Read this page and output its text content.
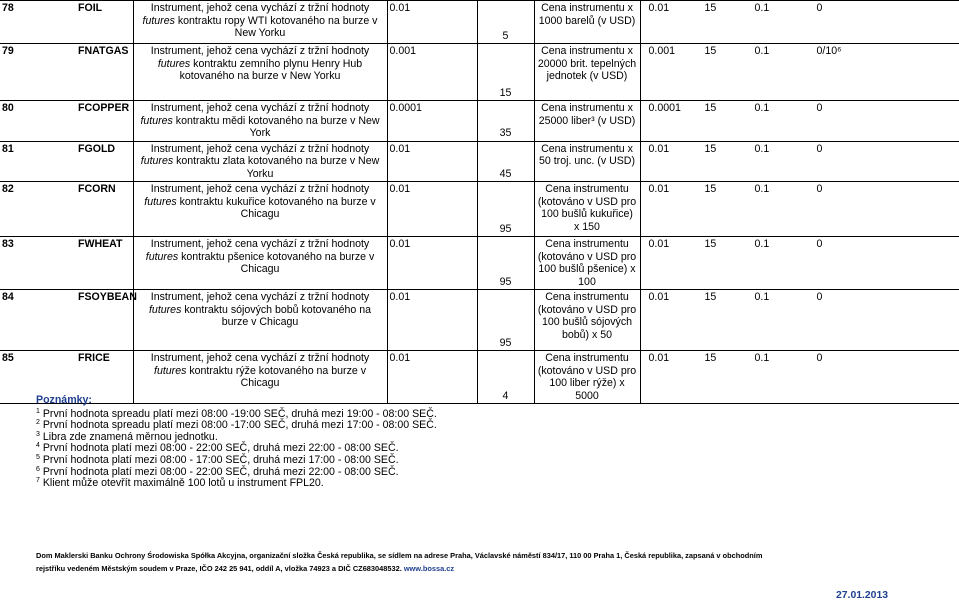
78 FOIL	Instrument, jehož cena vychází z tržní hodnoty futures kontraktu ropy WTI kotovaného na burze v New Yorku	0.01	5	Cena instrumentu x 1000 barelů (v USD)	0.01 15 0.1 0
79 FNATGAS	Instrument, jehož cena vychází z tržní hodnoty futures kontraktu zemního plynu Henry Hub kotovaného na burze v New Yorku	0.001	15	Cena instrumentu x 20000 brit. tepelných jednotek (v USD)	0.001 15 0.1 0/10⁶
80 FCOPPER	Instrument, jehož cena vychází z tržní hodnoty futures kontraktu mědi kotovaného na burze v New York	0.0001	35	Cena instrumentu x 25000 liber³ (v USD)	0.0001 15 0.1 0
81 FGOLD	Instrument, jehož cena vychází z tržní hodnoty futures kontraktu zlata kotovaného na burze v New Yorku	0.01	45	Cena instrumentu x 50 troj. unc. (v USD)	0.01 15 0.1 0
82 FCORN	Instrument, jehož cena vychází z tržní hodnoty futures kontraktu kukuřice kotovaného na burze v Chicagu	0.01	95	Cena instrumentu (kotováno v USD pro 100 bušlů kukuřice) x 150	0.01 15 0.1 0
83 FWHEAT	Instrument, jehož cena vychází z tržní hodnoty futures kontraktu pšenice kotovaného na burze v Chicagu	0.01	95	Cena instrumentu (kotováno v USD pro 100 bušlů pšenice) x 100	0.01 15 0.1 0
84 FSOYBEAN	Instrument, jehož cena vychází z tržní hodnoty futures kontraktu sójových bobů kotovaného na burze v Chicagu	0.01	95	Cena instrumentu (kotováno v USD pro 100 bušlů sójových bobů) x 50	0.01 15 0.1 0
85 FRICE	Instrument, jehož cena vychází z tržní hodnoty futures kontraktu rýže kotovaného na burze v Chicagu	0.01	4	Cena instrumentu (kotováno v USD pro 100 liber rýže) x 5000	0.01 15 0.1 0
Poznámky:
$^1$ První hodnota spreadu platí mezi 08:00 -19:00 SEČ, druhá mezi 19:00 - 08:00 SEČ.
$^2$ První hodnota spreadu platí mezi 08:00 -17:00 SEČ, druhá mezi 17:00 - 08:00 SEČ.
$^3$ Libra zde znamená měrnou jednotku.
$^4$ První hodnota platí mezi 08:00 - 22:00 SEČ, druhá mezi 22:00 - 08:00 SEČ.
$^5$ První hodnota platí mezi 08:00 - 17:00 SEČ, druhá mezi 17:00 - 08:00 SEČ.
$^6$ První hodnota platí mezi 08:00 - 22:00 SEČ, druhá mezi 22:00 - 08:00 SEČ.
$^7$ Klient může otevřít maximálně 100 lotů u instrument FPL20.
Dom Maklerski Banku Ochrony Środowiska Spółka Akcyjna, organizační složka Česká republika, se sídlem na adrese Praha, Václavské náměstí 834/17, 110 00 Praha 1, Česká republika, zapsaná v obchodním
rejstříku vedeném Městským soudem v Praze, IČO 242 25 941, oddíl A, vložka 74923 a DIČ CZ683048532. www.bossa.cz
27.01.2013
